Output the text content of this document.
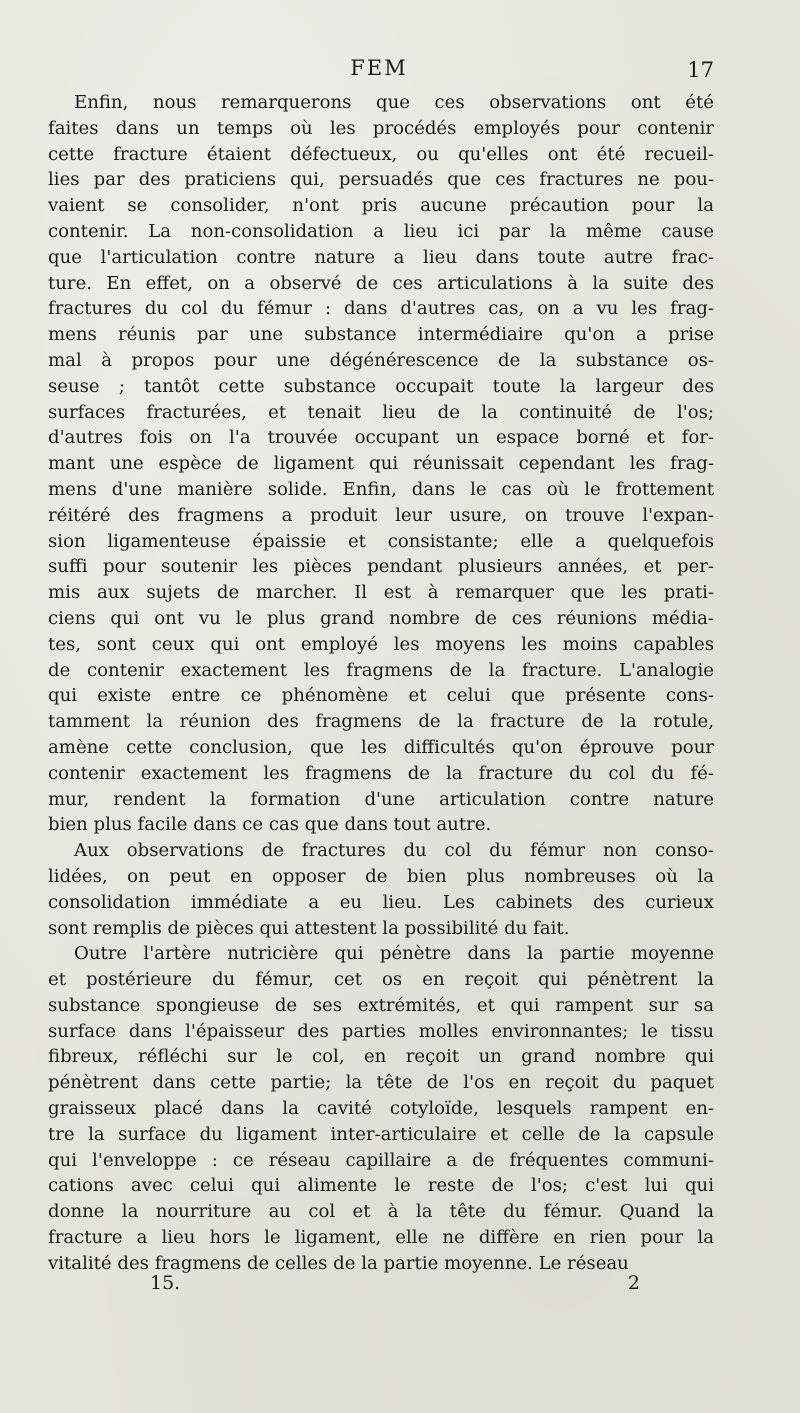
FEM	17

Enfin, nous remarquerons que ces observations ont été
faites dans un temps où les procédés employés pour contenir
cette fracture étaient défectueux, ou qu'elles ont été recueil-
lies par des praticiens qui, persuadés que ces fractures ne pou-
vaient se consolider, n'ont pris aucune précaution pour la
contenir. La non-consolidation a lieu ici par la même cause
que l'articulation contre nature a lieu dans toute autre frac-
ture. En effet, on a observé de ces articulations à la suite des
fractures du col du fémur : dans d'autres cas, on a vu les frag-
mens réunis par une substance intermédiaire qu'on a prise
mal à propos pour une dégénérescence de la substance os-
seuse ; tantôt cette substance occupait toute la largeur des
surfaces fracturées, et tenait lieu de la continuité de l'os;
d'autres fois on l'a trouvée occupant un espace borné et for-
mant une espèce de ligament qui réunissait cependant les frag-
mens d'une manière solide. Enfin, dans le cas où le frottement
réitéré des fragmens a produit leur usure, on trouve l'expan-
sion ligamenteuse épaissie et consistante; elle a quelquefois
suffi pour soutenir les pièces pendant plusieurs années, et per-
mis aux sujets de marcher. Il est à remarquer que les prati-
ciens qui ont vu le plus grand nombre de ces réunions média-
tes, sont ceux qui ont employé les moyens les moins capables
de contenir exactement les fragmens de la fracture. L'analogie
qui existe entre ce phénomène et celui que présente cons-
tamment la réunion des fragmens de la fracture de la rotule,
amène cette conclusion, que les difficultés qu'on éprouve pour
contenir exactement les fragmens de la fracture du col du fé-
mur, rendent la formation d'une articulation contre nature
bien plus facile dans ce cas que dans tout autre.

Aux observations de fractures du col du fémur non conso-
lidées, on peut en opposer de bien plus nombreuses où la
consolidation immédiate a eu lieu. Les cabinets des curieux
sont remplis de pièces qui attestent la possibilité du fait.

Outre l'artère nutricière qui pénètre dans la partie moyenne
et postérieure du fémur, cet os en reçoit qui pénètrent la
substance spongieuse de ses extrémités, et qui rampent sur sa
surface dans l'épaisseur des parties molles environnantes; le tissu
fibreux, réfléchi sur le col, en reçoit un grand nombre qui
pénètrent dans cette partie; la tête de l'os en reçoit du paquet
graisseux placé dans la cavité cotyloïde, lesquels rampent en-
tre la surface du ligament inter-articulaire et celle de la capsule
qui l'enveloppe : ce réseau capillaire a de fréquentes communi-
cations avec celui qui alimente le reste de l'os; c'est lui qui
donne la nourriture au col et à la tête du fémur. Quand la
fracture a lieu hors le ligament, elle ne diffère en rien pour la
vitalité des fragmens de celles de la partie moyenne. Le réseau

15.	2
